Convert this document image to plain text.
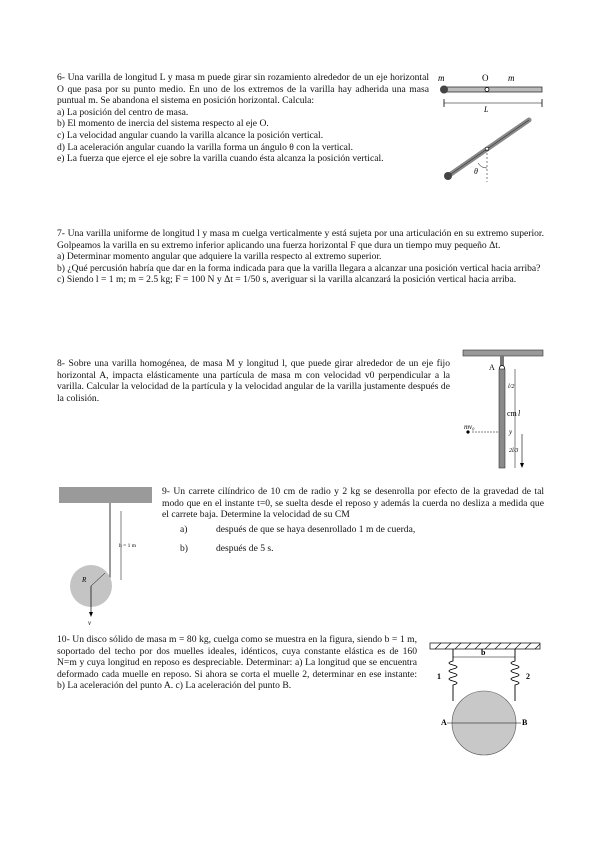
6- Una varilla de longitud L y masa m puede girar sin rozamiento alrededor de un eje horizontal O que pasa por su punto medio. En uno de los extremos de la varilla hay adherida una masa puntual m. Se abandona el sistema en posición horizontal. Calcula:

a) La posición del centro de masa.

b) El momento de inercia del sistema respecto al eje O.

c) La velocidad angular cuando la varilla alcance la posición vertical.

d) La aceleración angular cuando la varilla forma un ángulo θ con la vertical.

e) La fuerza que ejerce el eje sobre la varilla cuando ésta alcanza la posición vertical.

m	O m
L
θ

7- Una varilla uniforme de longitud l y masa m cuelga verticalmente y está sujeta por una articulación en su extremo superior. Golpeamos la varilla en su extremo inferior aplicando una fuerza horizontal F que dura un tiempo muy pequeño Δt.

a) Determinar momento angular que adquiere la varilla respecto al extremo superior.

b) ¿Qué percusión habría que dar en la forma indicada para que la varilla llegara a alcanzar una posición vertical hacia arriba?

c) Siendo l = 1 m; m = 2.5 kg; F = 100 N y Δt = 1/50 s, averiguar si la varilla alcanzará la posición vertical hacia arriba.

8- Sobre una varilla homogénea, de masa M y longitud l, que puede girar alrededor de un eje fijo horizontal A, impacta elásticamente una partícula de masa m con velocidad v0 perpendicular a la varilla. Calcular la velocidad de la partícula y la velocidad angular de la varilla justamente después de la colisión.

A
l
l/2
cm
y
2l/3
mv₀
h = 1 m
R
v

9- Un carrete cilíndrico de 10 cm de radio y 2 kg se desenrolla por efecto de la gravedad de tal modo que en el instante t=0, se suelta desde el reposo y además la cuerda no desliza a medida que el carrete baja. Determine la velocidad de su CM

a)	después de que se haya desenrollado 1 m de cuerda,
b)	después de 5 s.

10- Un disco sólido de masa m = 80 kg, cuelga como se muestra en la figura, siendo b = 1 m, soportado del techo por dos muelles ideales, idénticos, cuya constante elástica es de 160 N=m y cuya longitud en reposo es despreciable. Determinar: a) La longitud que se encuentra deformado cada muelle en reposo. Si ahora se corta el muelle 2, determinar en ese instante: b) La aceleración del punto A. c) La aceleración del punto B.

b
1	2
A	B
